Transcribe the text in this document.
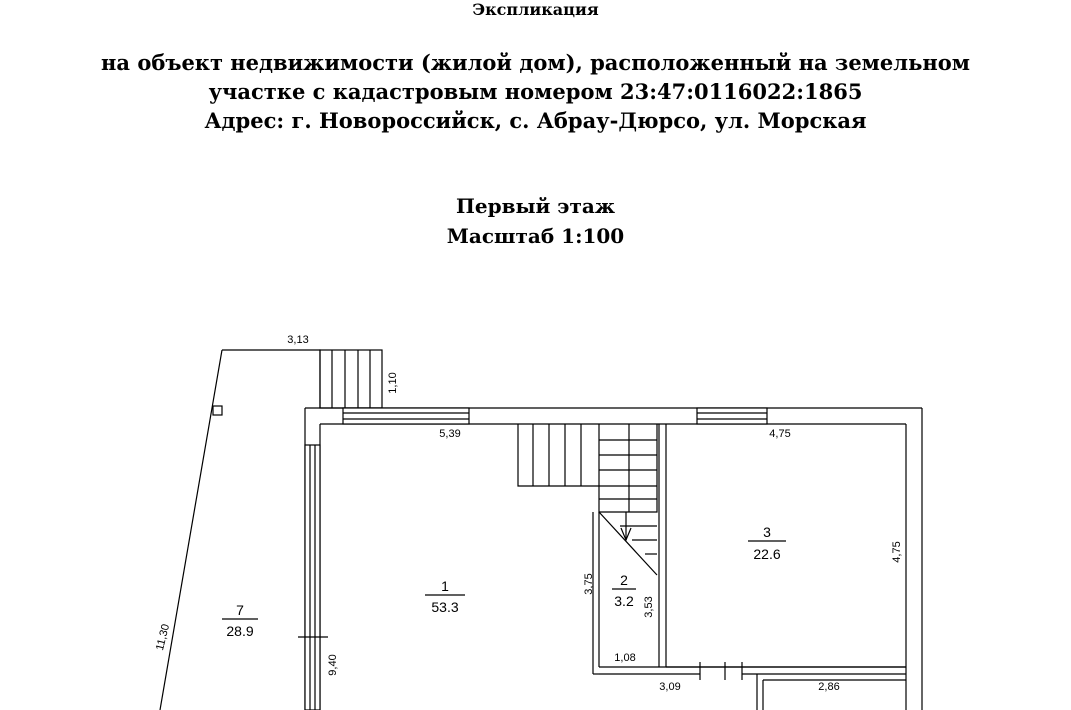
Экспликация
на объект недвижимости (жилой дом), расположенный на земельном
участке с кадастровым номером 23:47:0116022:1865
Адрес: г. Новороссийск, с. Абрау-Дюрсо, ул. Морская
Первый этаж
Масштаб 1:100
3,13
1,10
5,39	4,75
4,75
3,75
3,53
1,08
11,30
9,40
3,09	2,86
1
53.3
2
3.2
3
22.6
7
28.9
